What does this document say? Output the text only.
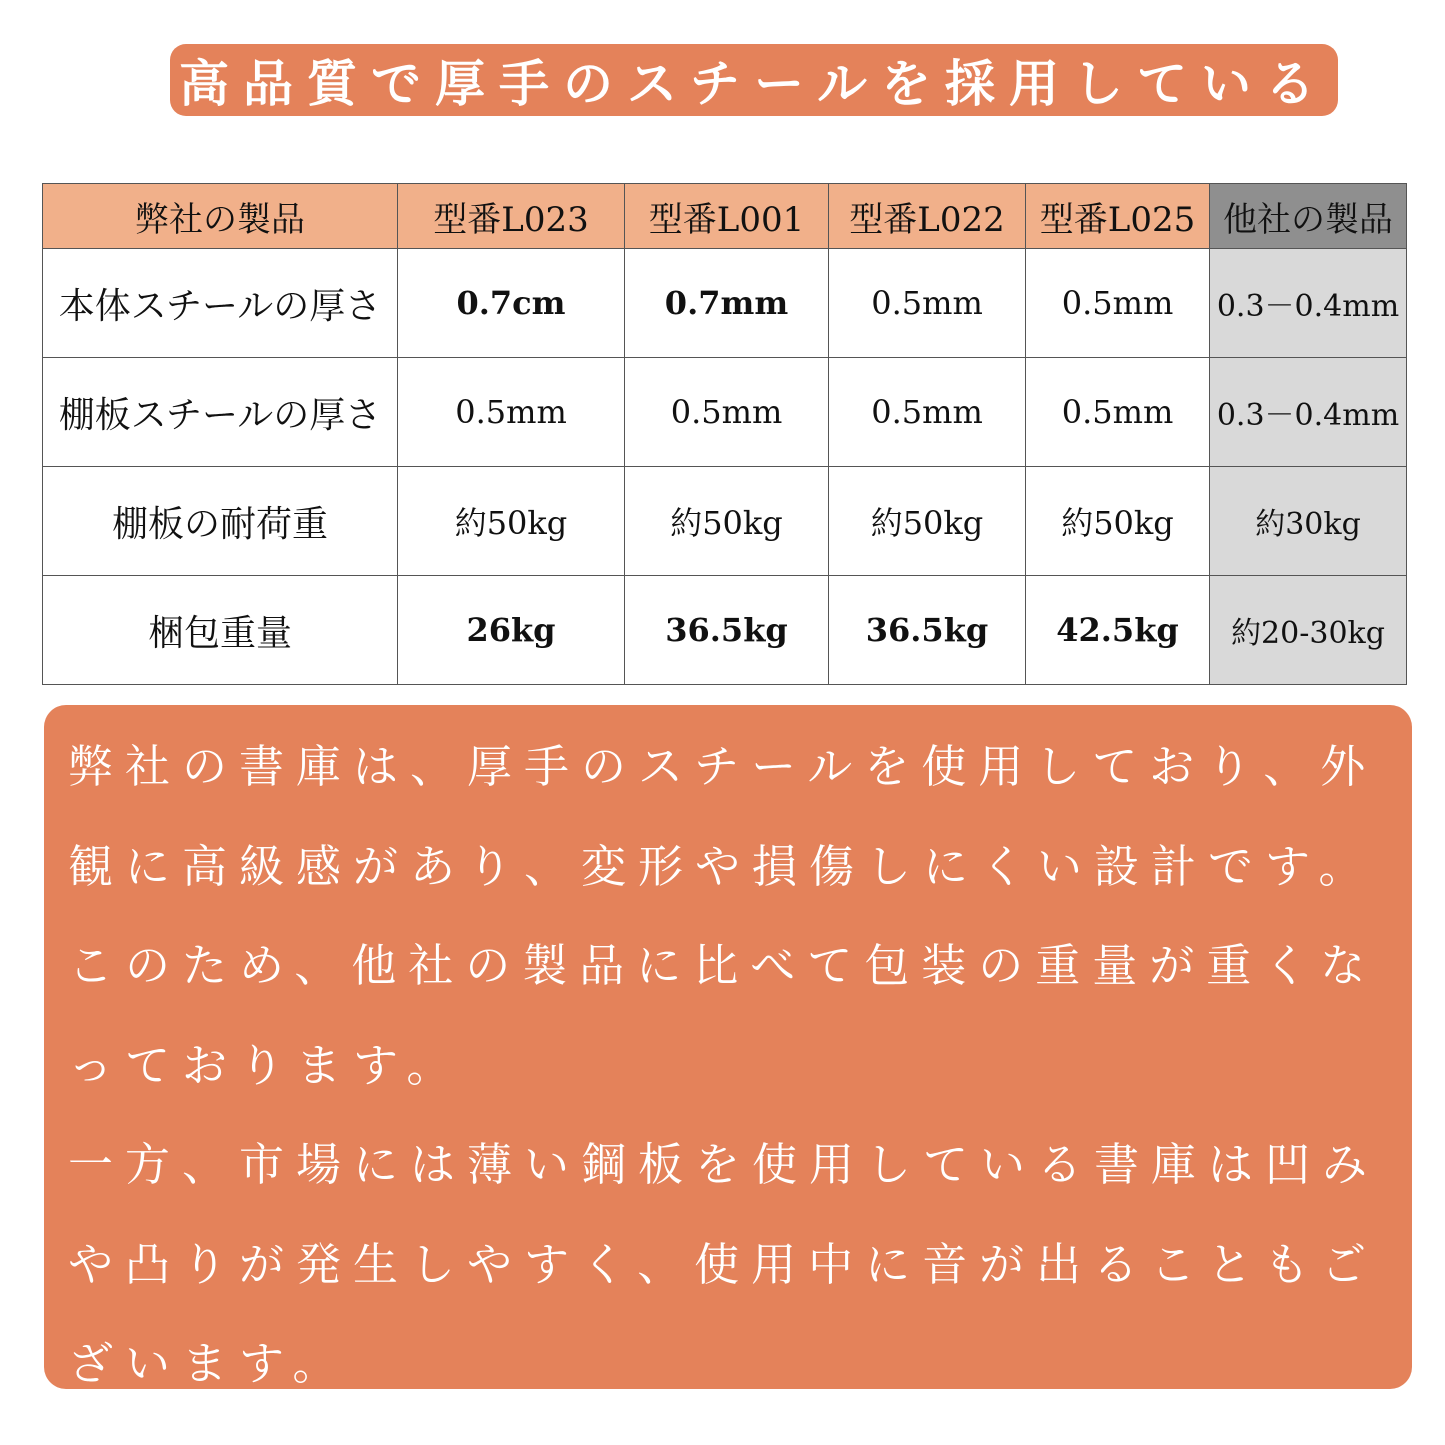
高品質で厚手のスチールを採用している
弊社の製品	型番L023	型番L001	型番L022	型番L025	他社の製品
本体スチールの厚さ	0.7cm	0.7mm	0.5mm	0.5mm	0.3－0.4mm
棚板スチールの厚さ	0.5mm	0.5mm	0.5mm	0.5mm	0.3－0.4mm
棚板の耐荷重	約50kg	約50kg	約50kg	約50kg	約30kg
梱包重量	26kg	36.5kg	36.5kg	42.5kg	約20-30kg

弊社の書庫は、厚手のスチールを使用しており、外観に高級感があり、変形や損傷しにくい設計です。このため、他社の製品に比べて包装の重量が重くなっております。

一方、市場には薄い鋼板を使用している書庫は凹みや凸りが発生しやすく、使用中に音が出ることもございます。
